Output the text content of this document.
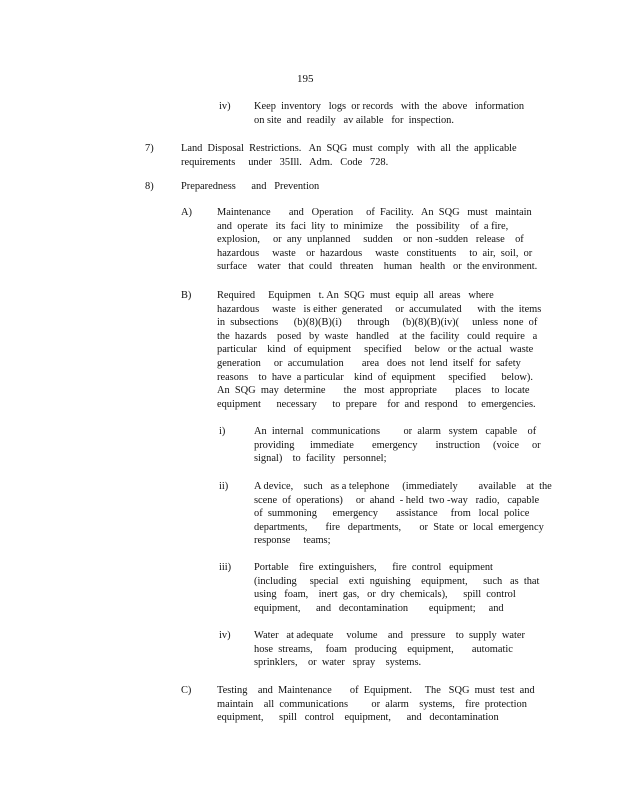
195
iv) Keep  inventory   logs  or records   with  the  above   information
on site  and  readily   av ailable   for  inspection.
7)	Land  Disposal  Restrictions.   An  SQG  must  comply   with  all  the  applicable
requirements     under   35Ill.   Adm.   Code   728.
8)	Preparedness      and   Prevention
A) Maintenance       and   Operation     of  Facility.   An  SQG   must   maintain
and  operate   its  faci  lity  to  minimize     the   possibility    of  a fire,
explosion,     or  any  unplanned     sudden    or  non -sudden   release    of
hazardous     waste    or  hazardous     waste   constituents     to  air,  soil,  or
surface    water   that  could   threaten    human   health   or  the environment.
B) Required     Equipmen   t. An  SQG  must  equip  all  areas   where
hazardous     waste   is either  generated     or  accumulated      with  the  items
in  subsections      (b)(8)(B)(i)      through     (b)(8)(B)(iv)(     unless  none  of
the  hazards    posed   by  waste   handled    at  the  facility   could  require   a
particular    kind   of  equipment     specified     below   or the  actual   waste
generation     or  accumulation       area   does  not  lend  itself  for  safety
reasons    to  have  a particular    kind  of  equipment     specified      below).
An  SQG  may  determine       the   most  appropriate       places    to  locate
equipment      necessary      to  prepare    for  and  respond    to  emergencies.
i)	An  internal   communications         or  alarm   system   capable    of
providing      immediate       emergency       instruction     (voice     or
signal)    to  facility   personnel;
ii) A device,    such   as a telephone     (immediately        available    at  the
scene  of  operations)     or  ahand  - held  two -way   radio,   capable
of  summoning      emergency       assistance     from   local  police
departments,       fire   departments,       or  State  or  local  emergency
response     teams;
iii) Portable    fire  extinguishers,      fire  control   equipment
(including     special    exti  nguishing    equipment,      such   as  that
using   foam,    inert  gas,   or  dry  chemicals),      spill  control
equipment,      and   decontamination        equipment;     and
iv) Water   at adequate     volume    and   pressure    to  supply  water
hose  streams,     foam   producing    equipment,       automatic
sprinklers,    or  water   spray    systems.
C) Testing    and  Maintenance       of  Equipment.     The   SQG  must  test  and
maintain    all  communications         or  alarm    systems,    fire  protection
equipment,      spill   control    equipment,      and   decontamination
